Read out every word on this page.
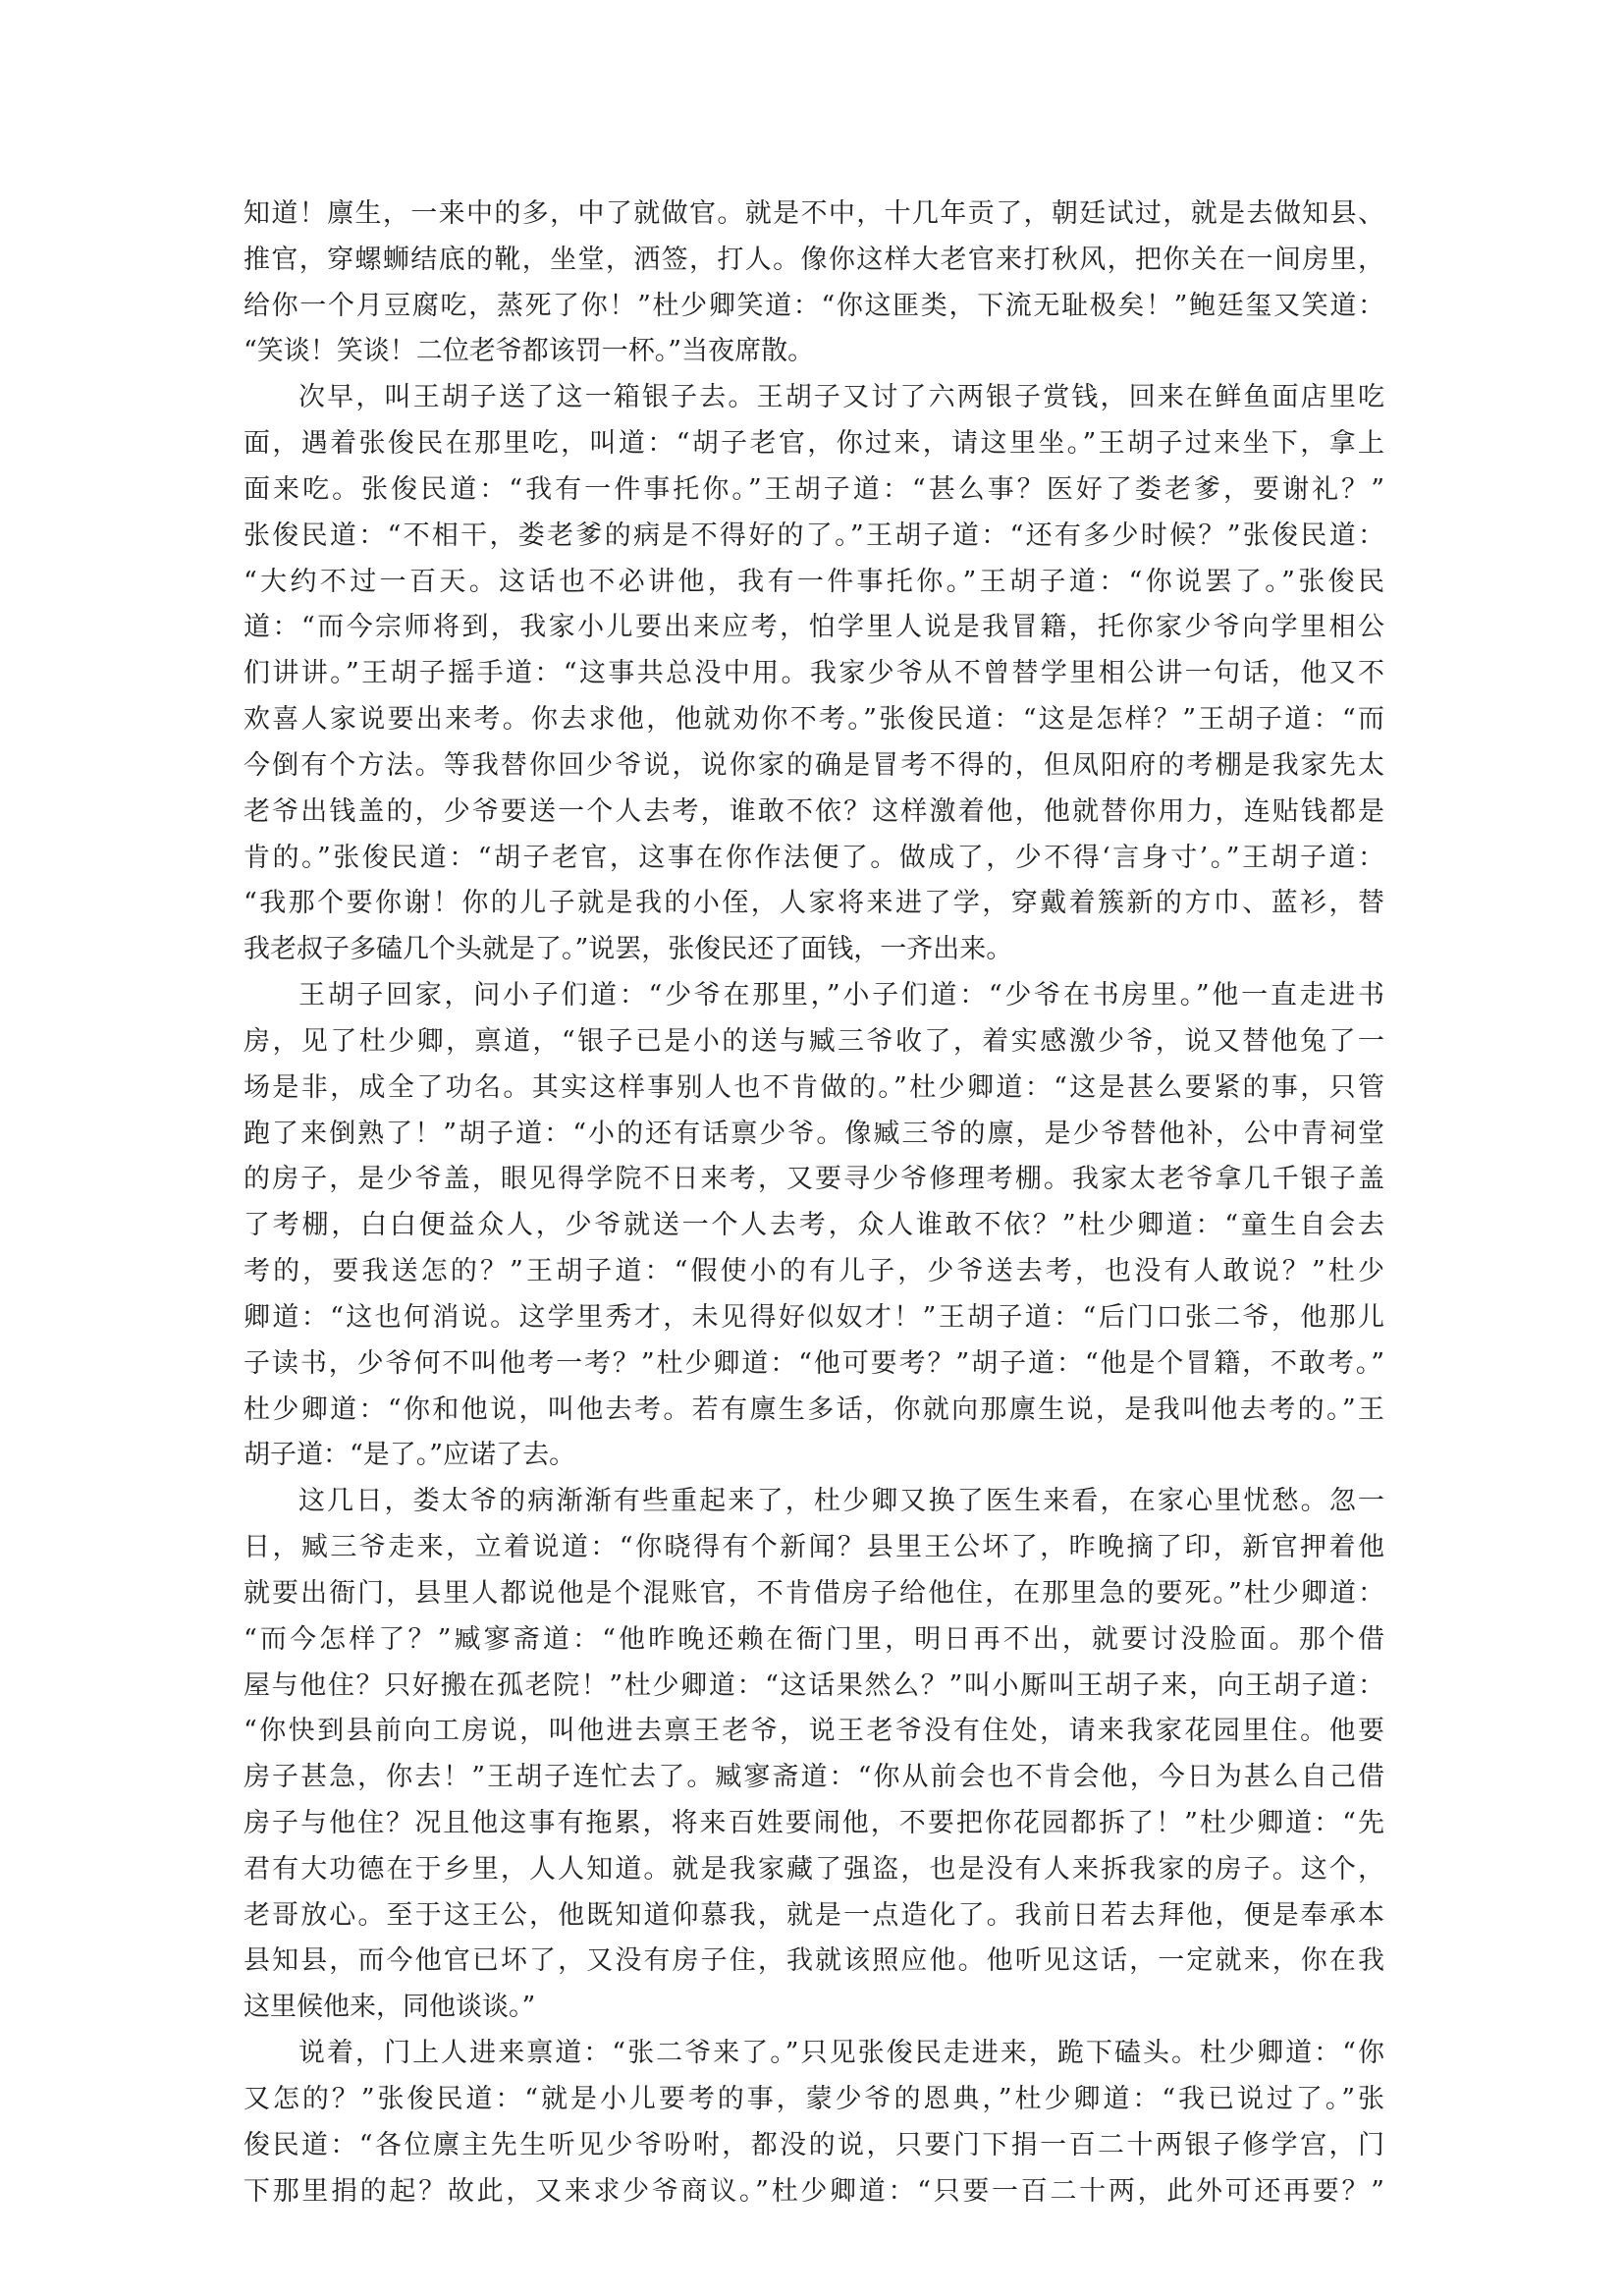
知道！廪生，一来中的多，中了就做官。就是不中，十几年贡了，朝廷试过，就是去做知县、
推官，穿螺蛳结底的靴，坐堂，洒签，打人。像你这样大老官来打秋风，把你关在一间房里，
给你一个月豆腐吃，蒸死了你！”杜少卿笑道：“你这匪类，下流无耻极矣！”鲍廷玺又笑道：
“笑谈！笑谈！二位老爷都该罚一杯。”当夜席散。
次早，叫王胡子送了这一箱银子去。王胡子又讨了六两银子赏钱，回来在鲜鱼面店里吃
面，遇着张俊民在那里吃，叫道：“胡子老官，你过来，请这里坐。”王胡子过来坐下，拿上
面来吃。张俊民道：“我有一件事托你。”王胡子道：“甚么事？医好了娄老爹，要谢礼？”
张俊民道：“不相干，娄老爹的病是不得好的了。”王胡子道：“还有多少时候？”张俊民道：
“大约不过一百天。这话也不必讲他，我有一件事托你。”王胡子道：“你说罢了。”张俊民
道：“而今宗师将到，我家小儿要出来应考，怕学里人说是我冒籍，托你家少爷向学里相公
们讲讲。”王胡子摇手道：“这事共总没中用。我家少爷从不曾替学里相公讲一句话，他又不
欢喜人家说要出来考。你去求他，他就劝你不考。”张俊民道：“这是怎样？”王胡子道：“而
今倒有个方法。等我替你回少爷说，说你家的确是冒考不得的，但凤阳府的考棚是我家先太
老爷出钱盖的，少爷要送一个人去考，谁敢不依？这样激着他，他就替你用力，连贴钱都是
肯的。”张俊民道：“胡子老官，这事在你作法便了。做成了，少不得‘言身寸’。”王胡子道：
“我那个要你谢！你的儿子就是我的小侄，人家将来进了学，穿戴着簇新的方巾、蓝衫，替
我老叔子多磕几个头就是了。”说罢，张俊民还了面钱，一齐出来。
王胡子回家，问小子们道：“少爷在那里，”小子们道：“少爷在书房里。”他一直走进书
房，见了杜少卿，禀道，“银子已是小的送与臧三爷收了，着实感激少爷，说又替他兔了一
场是非，成全了功名。其实这样事别人也不肯做的。”杜少卿道：“这是甚么要紧的事，只管
跑了来倒熟了！”胡子道：“小的还有话禀少爷。像臧三爷的廪，是少爷替他补，公中青祠堂
的房子，是少爷盖，眼见得学院不日来考，又要寻少爷修理考棚。我家太老爷拿几千银子盖
了考棚，白白便益众人，少爷就送一个人去考，众人谁敢不依？”杜少卿道：“童生自会去
考的，要我送怎的？”王胡子道：“假使小的有儿子，少爷送去考，也没有人敢说？”杜少
卿道：“这也何消说。这学里秀才，未见得好似奴才！”王胡子道：“后门口张二爷，他那儿
子读书，少爷何不叫他考一考？”杜少卿道：“他可要考？”胡子道：“他是个冒籍，不敢考。”
杜少卿道：“你和他说，叫他去考。若有廪生多话，你就向那廪生说，是我叫他去考的。”王
胡子道：“是了。”应诺了去。
这几日，娄太爷的病渐渐有些重起来了，杜少卿又换了医生来看，在家心里忧愁。忽一
日，臧三爷走来，立着说道：“你晓得有个新闻？县里王公坏了，昨晚摘了印，新官押着他
就要出衙门，县里人都说他是个混账官，不肯借房子给他住，在那里急的要死。”杜少卿道：
“而今怎样了？”臧寥斋道：“他昨晚还赖在衙门里，明日再不出，就要讨没脸面。那个借
屋与他住？只好搬在孤老院！”杜少卿道：“这话果然么？”叫小厮叫王胡子来，向王胡子道：
“你快到县前向工房说，叫他进去禀王老爷，说王老爷没有住处，请来我家花园里住。他要
房子甚急，你去！”王胡子连忙去了。臧寥斋道：“你从前会也不肯会他，今日为甚么自己借
房子与他住？况且他这事有拖累，将来百姓要闹他，不要把你花园都拆了！”杜少卿道：“先
君有大功德在于乡里，人人知道。就是我家藏了强盗，也是没有人来拆我家的房子。这个，
老哥放心。至于这王公，他既知道仰慕我，就是一点造化了。我前日若去拜他，便是奉承本
县知县，而今他官已坏了，又没有房子住，我就该照应他。他听见这话，一定就来，你在我
这里候他来，同他谈谈。”
说着，门上人进来禀道：“张二爷来了。”只见张俊民走进来，跪下磕头。杜少卿道：“你
又怎的？”张俊民道：“就是小儿要考的事，蒙少爷的恩典，”杜少卿道：“我已说过了。”张
俊民道：“各位廪主先生听见少爷吩咐，都没的说，只要门下捐一百二十两银子修学宫，门
下那里捐的起？故此，又来求少爷商议。”杜少卿道：“只要一百二十两，此外可还再要？”
